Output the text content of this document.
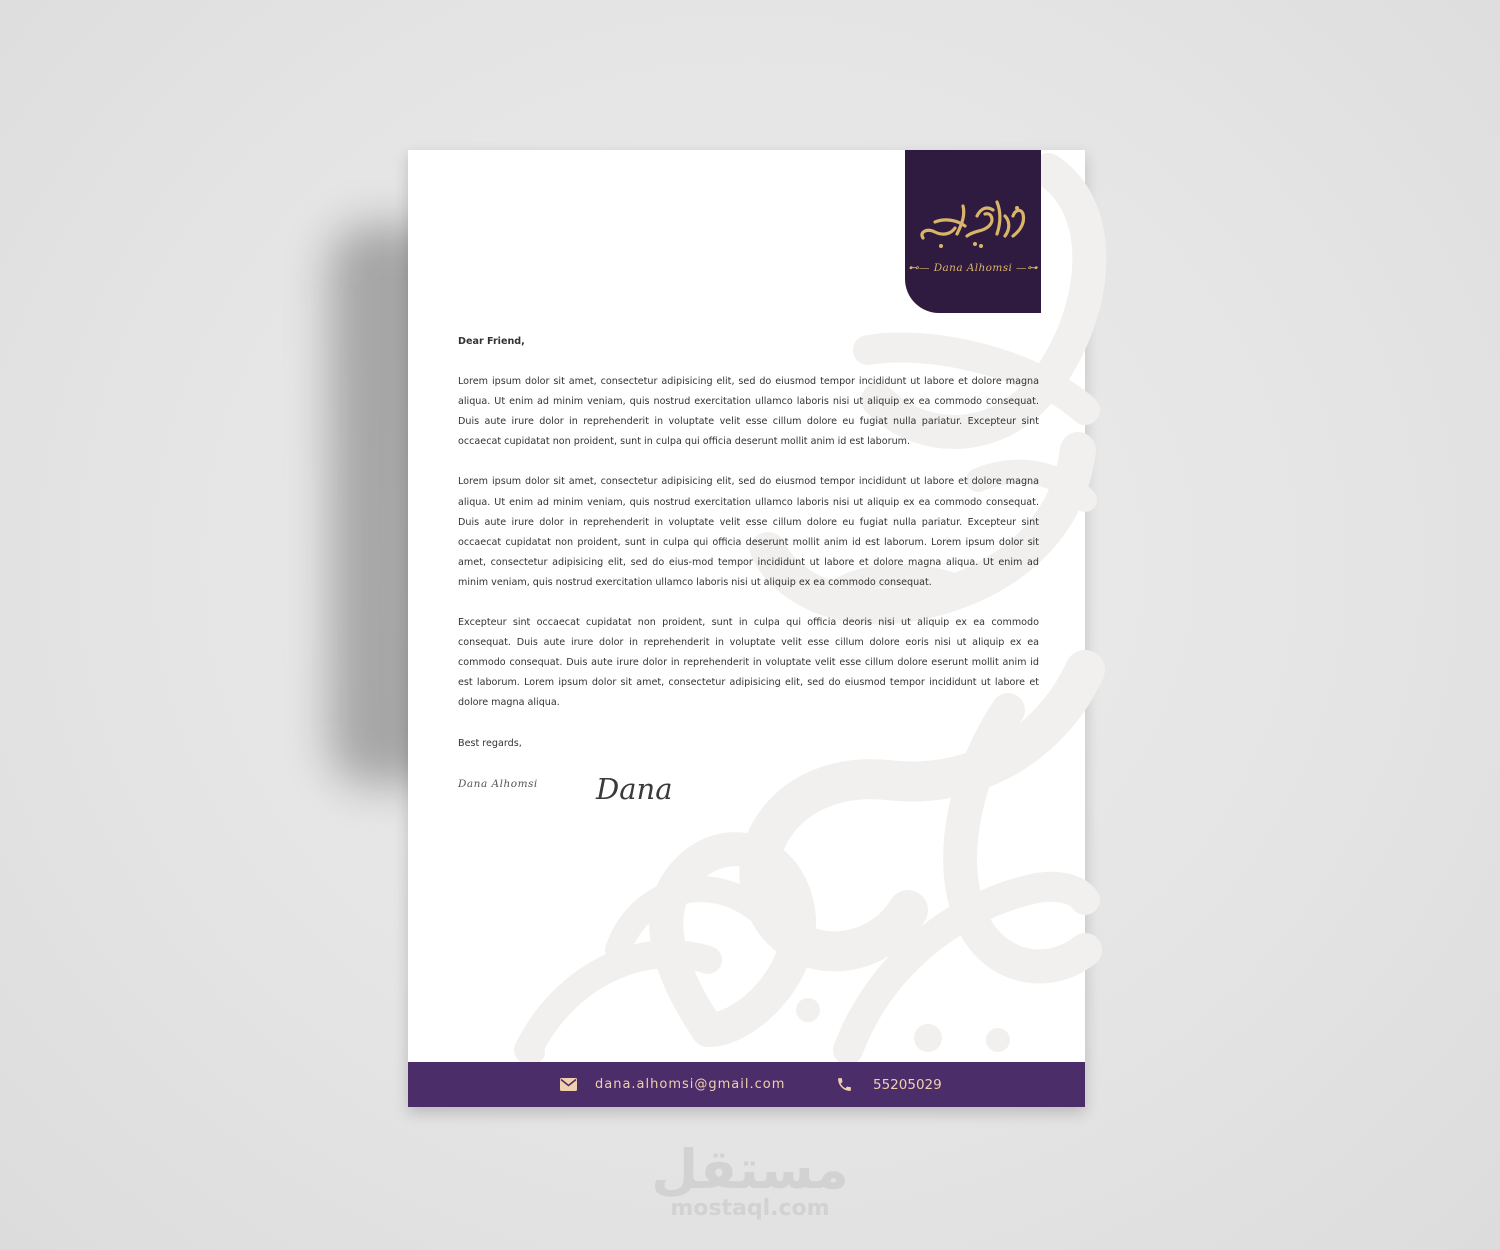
دانة الحمصي
⊷— Dana Alhomsi —⊶

Dear Friend,

Lorem ipsum dolor sit amet, consectetur adipisicing elit, sed do eiusmod tempor incididunt ut labore et dolore magna aliqua. Ut enim ad minim veniam, quis nostrud exercitation ullamco laboris nisi ut aliquip ex ea commodo consequat. Duis aute irure dolor in reprehenderit in voluptate velit esse cillum dolore eu fugiat nulla pariatur. Excepteur sint occaecat cupidatat non proident, sunt in culpa qui officia deserunt mollit anim id est laborum.

Lorem ipsum dolor sit amet, consectetur adipisicing elit, sed do eiusmod tempor incididunt ut labore et dolore magna aliqua. Ut enim ad minim veniam, quis nostrud exercitation ullamco laboris nisi ut aliquip ex ea commodo consequat. Duis aute irure dolor in reprehenderit in voluptate velit esse cillum dolore eu fugiat nulla pariatur. Excepteur sint occaecat cupidatat non proident, sunt in culpa qui officia deserunt mollit anim id est laborum. Lorem ipsum dolor sit amet, consectetur adipisicing elit, sed do eius-mod tempor incididunt ut labore et dolore magna aliqua. Ut enim ad minim veniam, quis nostrud exercitation ullamco laboris nisi ut aliquip ex ea commodo consequat.

Excepteur sint occaecat cupidatat non proident, sunt in culpa qui officia deoris nisi ut aliquip ex ea commodo consequat. Duis aute irure dolor in reprehenderit in voluptate velit esse cillum dolore eoris nisi ut aliquip ex ea commodo consequat. Duis aute irure dolor in reprehenderit in voluptate velit esse cillum dolore eserunt mollit anim id est laborum. Lorem ipsum dolor sit amet, consectetur adipisicing elit, sed do eiusmod tempor incididunt ut labore et dolore magna aliqua.

Best regards,

Dana Alhomsi	Dana
dana.alhomsi@gmail.com	55205029
مستقل
mostaql.com
